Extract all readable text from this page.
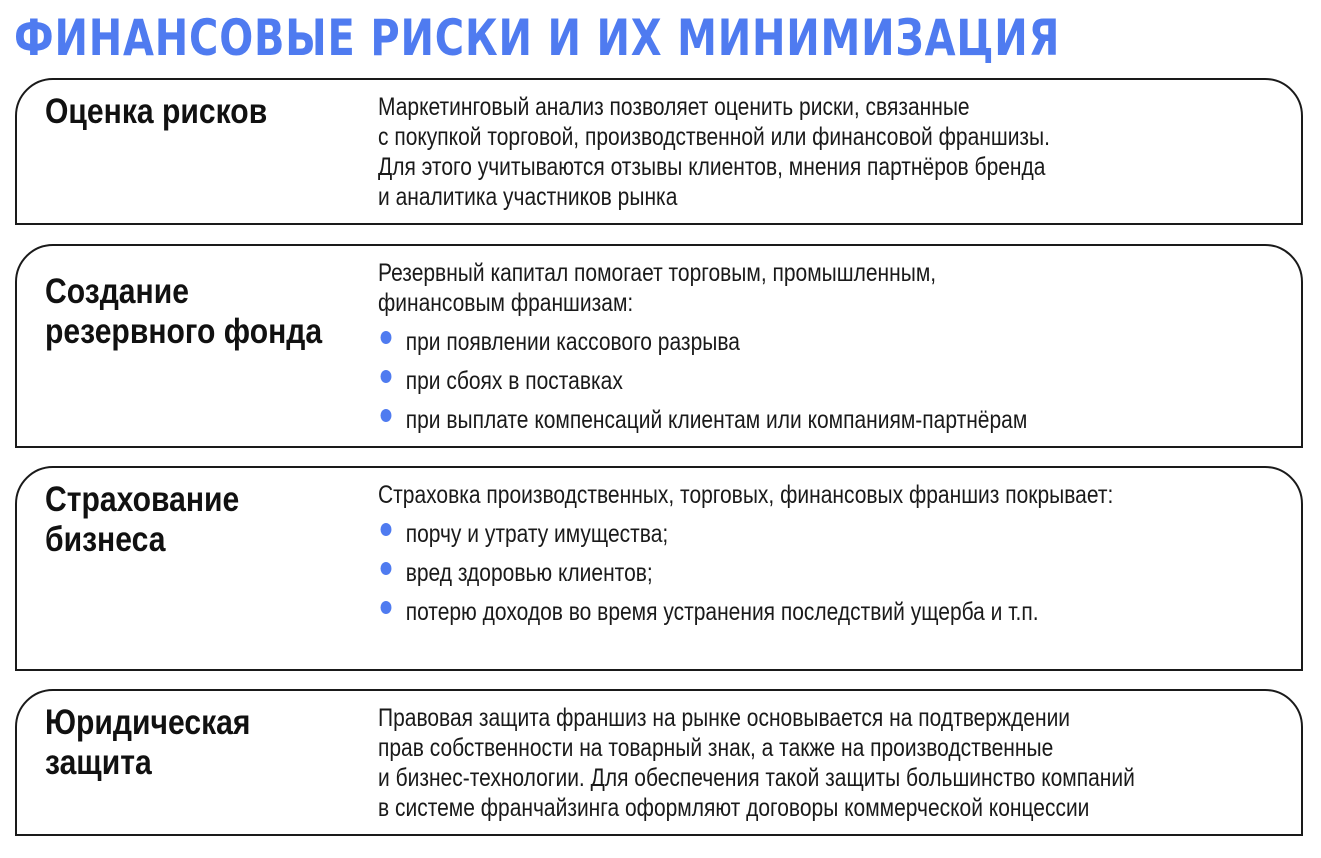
ФИНАНСОВЫЕ РИСКИ И ИХ МИНИМИЗАЦИЯ
Оценка рисков	Маркетинговый анализ позволяет оценить риски, связанные
с покупкой торговой, производственной или финансовой франшизы.
Для этого учитываются отзывы клиентов, мнения партнёров бренда
и аналитика участников рынка
Создание
резервного фонда
Резервный капитал помогает торговым, промышленным,
финансовым франшизам:
при появлении кассового разрыва
при сбоях в поставках
при выплате компенсаций клиентам или компаниям-партнёрам
Страхование
бизнеса
Страховка производственных, торговых, финансовых франшиз покрывает:
порчу и утрату имущества;
вред здоровью клиентов;
потерю доходов во время устранения последствий ущерба и т.п.
Юридическая
защита
Правовая защита франшиз на рынке основывается на подтверждении
прав собственности на товарный знак, а также на производственные
и бизнес-технологии. Для обеспечения такой защиты большинство компаний
в системе франчайзинга оформляют договоры коммерческой концессии
